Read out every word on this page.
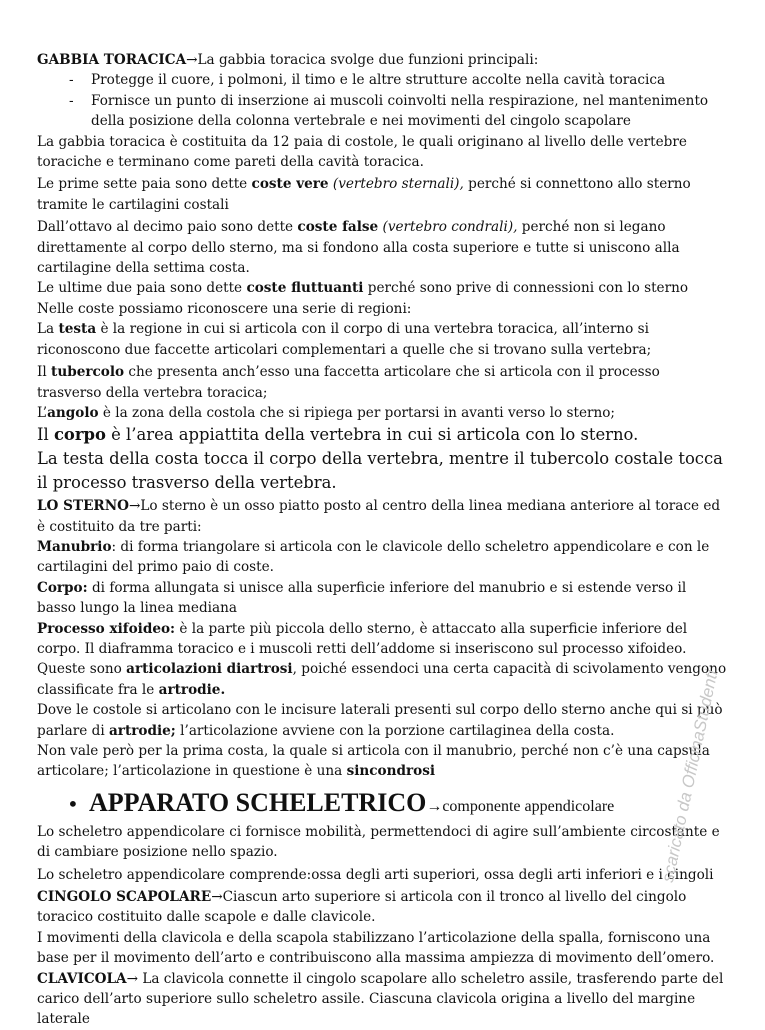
GABBIA TORACICA→La gabbia toracica svolge due funzioni principali:

-	Protegge il cuore, i polmoni, il timo e le altre strutture accolte nella cavità toracica

-	Fornisce un punto di inserzione ai muscoli coinvolti nella respirazione, nel mantenimento della posizione della colonna vertebrale e nei movimenti del cingolo scapolare

La gabbia toracica è costituita da 12 paia di costole, le quali originano al livello delle vertebre toraciche e terminano come pareti della cavità toracica.

Le prime sette paia sono dette coste vere (vertebro sternali), perché si connettono allo sterno tramite le cartilagini costali

Dall’ottavo al decimo paio sono dette coste false (vertebro condrali), perché non si legano direttamente al corpo dello sterno, ma si fondono alla costa superiore e tutte si uniscono alla cartilagine della settima costa.

Le ultime due paia sono dette coste fluttuanti perché sono prive di connessioni con lo sterno

Nelle coste possiamo riconoscere una serie di regioni:

La testa è la regione in cui si articola con il corpo di una vertebra toracica, all’interno si riconoscono due faccette articolari complementari a quelle che si trovano sulla vertebra;

Il tubercolo che presenta anch’esso una faccetta articolare che si articola con il processo trasverso della vertebra toracica;

L’angolo è la zona della costola che si ripiega per portarsi in avanti verso lo sterno;

Il corpo è l’area appiattita della vertebra in cui si articola con lo sterno.

La testa della costa tocca il corpo della vertebra, mentre il tubercolo costale tocca il processo trasverso della vertebra.

LO STERNO→Lo sterno è un osso piatto posto al centro della linea mediana anteriore al torace ed è costituito da tre parti:

Manubrio: di forma triangolare si articola con le clavicole dello scheletro appendicolare e con le cartilagini del primo paio di coste.

Corpo: di forma allungata si unisce alla superficie inferiore del manubrio e si estende verso il basso lungo la linea mediana

Processo xifoideo: è la parte più piccola dello sterno, è attaccato alla superficie inferiore del corpo. Il diaframma toracico e i muscoli retti dell’addome si inseriscono sul processo xifoideo.

Queste sono articolazioni diartrosi, poiché essendoci una certa capacità di scivolamento vengono classificate fra le artrodie.

Dove le costole si articolano con le incisure laterali presenti sul corpo dello sterno anche qui si può parlare di artrodie; l’articolazione avviene con la porzione cartilaginea della costa.

Non vale però per la prima costa, la quale si articola con il manubrio, perché non c’è una capsula articolare; l’articolazione in questione è una sincondrosi

• APPARATO SCHELETRICO → componente appendicolare

Lo scheletro appendicolare ci fornisce mobilità, permettendoci di agire sull’ambiente circostante e di cambiare posizione nello spazio.

Lo scheletro appendicolare comprende:ossa degli arti superiori, ossa degli arti inferiori e i cingoli

CINGOLO SCAPOLARE→Ciascun arto superiore si articola con il tronco al livello del cingolo toracico costituito dalle scapole e dalle clavicole.

I movimenti della clavicola e della scapola stabilizzano l’articolazione della spalla, forniscono una base per il movimento dell’arto e contribuiscono alla massima ampiezza di movimento dell’omero.

CLAVICOLA→ La clavicola connette il cingolo scapolare allo scheletro assile, trasferendo parte del carico dell’arto superiore sullo scheletro assile. Ciascuna clavicola origina a livello del margine laterale

scaricato da OfficinaStudenti
